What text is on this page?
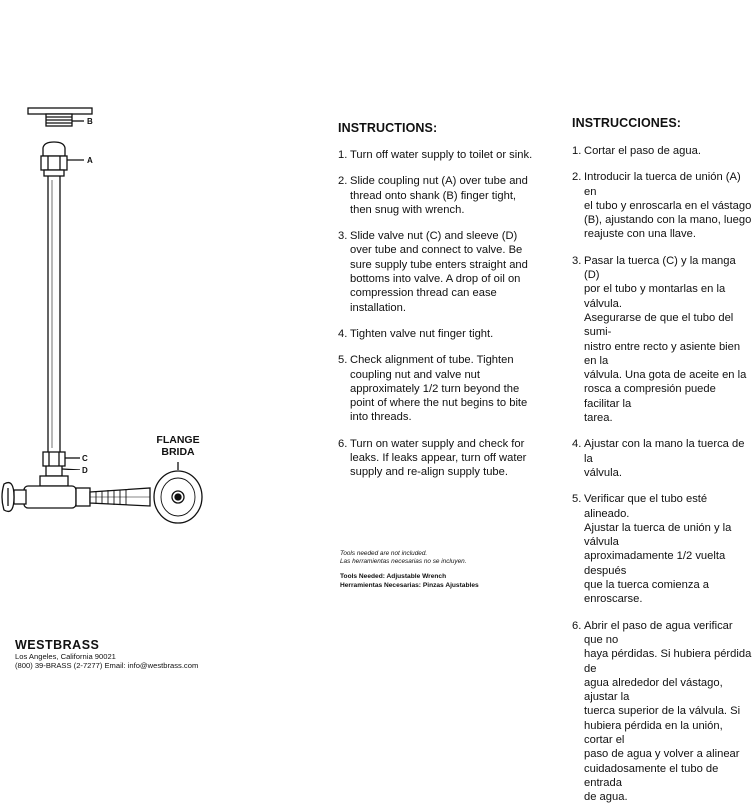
B
A
C
D
FLANGE
BRIDA
WESTBRASS
Los Angeles, California 90021
(800) 39-BRASS (2-7277) Email: info@westbrass.com
Tools needed are not included.
Las herramientas necesarias no se incluyen.
Tools Needed: Adjustable Wrench
Herramientas Necesarias: Pinzas Ajustables
INSTRUCTIONS:
1. Turn off water supply to toilet or sink.
2. Slide coupling nut (A) over tube and
thread onto shank (B) finger tight,
then snug with wrench.
3. Slide valve nut (C) and sleeve (D)
over tube and connect to valve. Be
sure supply tube enters straight and
bottoms into valve. A drop of oil on
compression thread can ease
installation.
4. Tighten valve nut finger tight.
5. Check alignment of tube. Tighten
coupling nut and valve nut
approximately 1/2 turn beyond the
point of where the nut begins to bite
into threads.
6. Turn on water supply and check for
leaks. If leaks appear, turn off water
supply and re-align supply tube.
INSTRUCCIONES:
1. Cortar el paso de agua.
2. Introducir la tuerca de unión (A) en
el tubo y enroscarla en el vástago
(B), ajustando con la mano, luego
reajuste con una llave.
3. Pasar la tuerca (C) y la manga (D)
por el tubo y montarlas en la válvula.
Asegurarse de que el tubo del sumi-
nistro entre recto y asiente bien en la
válvula. Una gota de aceite en la
rosca a compresión puede facilitar la
tarea.
4. Ajustar con la mano la tuerca de la
válvula.
5. Verificar que el tubo esté alineado.
Ajustar la tuerca de unión y la válvula
aproximadamente 1/2 vuelta después
que la tuerca comienza a enroscarse.
6. Abrir el paso de agua verificar que no
haya pérdidas. Si hubiera pérdida de
agua alrededor del vástago, ajustar la
tuerca superior de la válvula. Si
hubiera pérdida en la unión, cortar el
paso de agua y volver a alinear
cuidadosamente el tubo de entrada
de agua.
